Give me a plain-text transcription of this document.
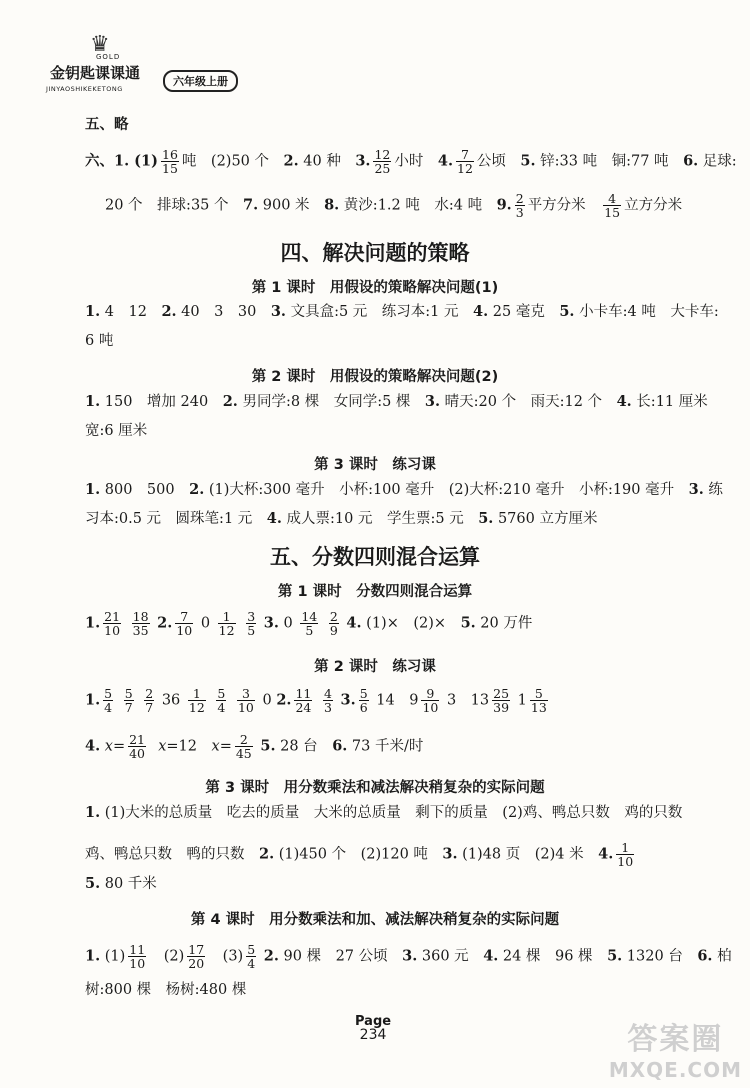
♛
GOLD
金钥匙课课通
JINYAOSHIKEKETONG
六年级上册
五、略
六、1. $(1) \frac{16}{15}$ 吨　(2)50 个　2. 40 种　3. $\frac{12}{25}$ 小时　4. $\frac{7}{12}$ 公顷　5. 锌:33 吨　铜:77 吨　6. 足球:
20 个　排球:35 个　7. 900 米　8. 黄沙:1.2 吨　水:4 吨　9. $\frac{2}{3}$ 平方分米　 $\frac{4}{15}$ 立方分米
四、解决问题的策略
第 1 课时　用假设的策略解决问题(1)
1. 4　12　2. 40　3　30　3. 文具盒:5 元　练习本:1 元　4. 25 毫克　5. 小卡车:4 吨　大卡车:
6 吨
第 2 课时　用假设的策略解决问题(2)
1. 150　增加 240　2. 男同学:8 棵　女同学:5 棵　3. 晴天:20 个　雨天:12 个　4. 长:11 厘米
宽:6 厘米
第 3 课时　练习课
1. 800　500　2. (1)大杯:300 毫升　小杯:100 毫升　(2)大杯:210 毫升　小杯:190 毫升　3. 练
习本:0.5 元　圆珠笔:1 元　4. 成人票:10 元　学生票:5 元　5. 5760 立方厘米
五、分数四则混合运算
第 1 课时　分数四则混合运算
1. $\frac{21}{10}$
$\frac{18}{35} 2$. $\frac{7}{10} 0 \frac{1}{12}$
$\frac{3}{5} 3$. $0 \frac{14}{5}$
$\frac{2}{9} 4$. (1)×　(2)×　5. 20 万件
第 2 课时　练习课
1. $\frac{5}{4}$
$\frac{5}{7}$
$\frac{2}{7} 36 \frac{1}{12}$
$\frac{5}{4}$
$\frac{3}{10} 0$ 2. $\frac{11}{24}$
$\frac{4}{3} 3$. $\frac{5}{6} 14$　$9 \frac{9}{10} 3$　$13 \frac{25}{39} 1 \frac{5}{13}$
4. $x= \frac{21}{40} x=12$　$x= \frac{2}{45} 5$. 28 台　6. 73 千米/时
第 3 课时　用分数乘法和减法解决稍复杂的实际问题
1. (1)大米的总质量　吃去的质量　大米的总质量　剩下的质量　(2)鸡、鸭总只数　鸡的只数
鸡、鸭总只数　鸭的只数　2. (1)450 个　(2)120 吨　3. (1)48 页　(2)4 米　4. $\frac{1}{10}$
5. 80 千米
第 4 课时　用分数乘法和加、减法解决稍复杂的实际问题
1. $(1) \frac{11}{10}$ 　$(2) \frac{17}{20}$ 　$(3) \frac{5}{4} 2$. 90 棵　27 公顷　3. 360 元　4. 24 棵　96 棵　5. 1320 台　6. 柏
树:800 棵　杨树:480 棵
Page
234	答案圈
MXQE.COM
